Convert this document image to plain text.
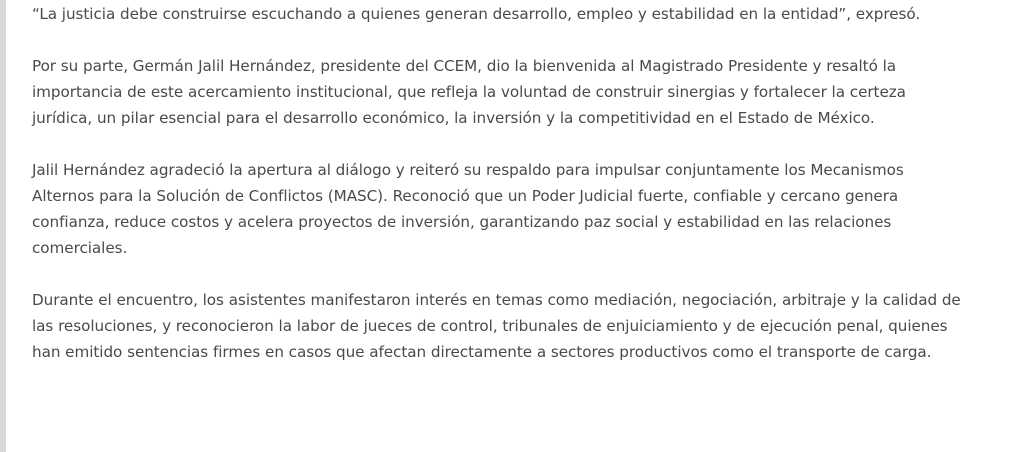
“La justicia debe construirse escuchando a quienes generan desarrollo, empleo y estabilidad en la entidad”, expresó.

Por su parte, Germán Jalil Hernández, presidente del CCEM, dio la bienvenida al Magistrado Presidente y resaltó la importancia de este acercamiento institucional, que refleja la voluntad de construir sinergias y fortalecer la certeza jurídica, un pilar esencial para el desarrollo económico, la inversión y la competitividad en el Estado de México.

Jalil Hernández agradeció la apertura al diálogo y reiteró su respaldo para impulsar conjuntamente los Mecanismos Alternos para la Solución de Conflictos (MASC). Reconoció que un Poder Judicial fuerte, confiable y cercano genera confianza, reduce costos y acelera proyectos de inversión, garantizando paz social y estabilidad en las relaciones comerciales.

Durante el encuentro, los asistentes manifestaron interés en temas como mediación, negociación, arbitraje y la calidad de las resoluciones, y reconocieron la labor de jueces de control, tribunales de enjuiciamiento y de ejecución penal, quienes han emitido sentencias firmes en casos que afectan directamente a sectores productivos como el transporte de carga.
